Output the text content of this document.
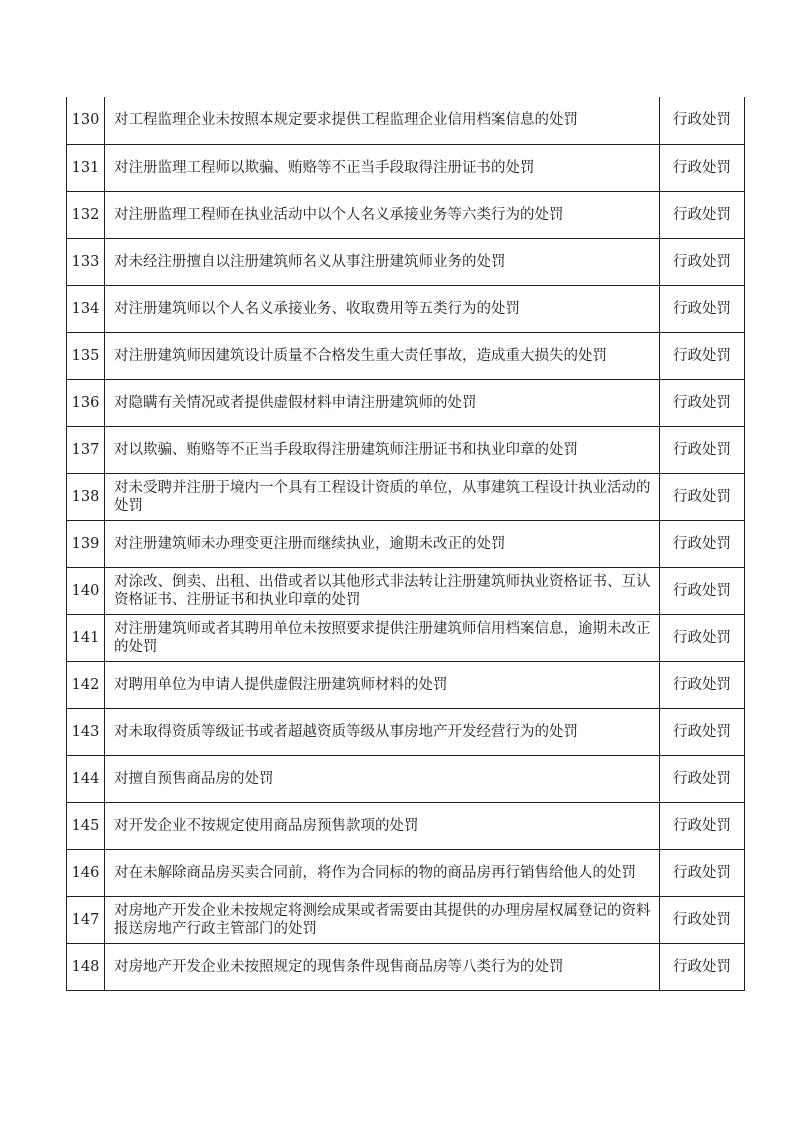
130	对工程监理企业未按照本规定要求提供工程监理企业信用档案信息的处罚	行政处罚
131	对注册监理工程师以欺骗、贿赂等不正当手段取得注册证书的处罚	行政处罚
132	对注册监理工程师在执业活动中以个人名义承接业务等六类行为的处罚	行政处罚
133	对未经注册擅自以注册建筑师名义从事注册建筑师业务的处罚	行政处罚
134	对注册建筑师以个人名义承接业务、收取费用等五类行为的处罚	行政处罚
135	对注册建筑师因建筑设计质量不合格发生重大责任事故，造成重大损失的处罚	行政处罚
136	对隐瞒有关情况或者提供虚假材料申请注册建筑师的处罚	行政处罚
137	对以欺骗、贿赂等不正当手段取得注册建筑师注册证书和执业印章的处罚	行政处罚
138	对未受聘并注册于境内一个具有工程设计资质的单位，从事建筑工程设计执业活动的处罚	行政处罚
139	对注册建筑师未办理变更注册而继续执业，逾期未改正的处罚	行政处罚
140	对涂改、倒卖、出租、出借或者以其他形式非法转让注册建筑师执业资格证书、互认资格证书、注册证书和执业印章的处罚	行政处罚
141	对注册建筑师或者其聘用单位未按照要求提供注册建筑师信用档案信息，逾期未改正的处罚	行政处罚
142	对聘用单位为申请人提供虚假注册建筑师材料的处罚	行政处罚
143	对未取得资质等级证书或者超越资质等级从事房地产开发经营行为的处罚	行政处罚
144	对擅自预售商品房的处罚	行政处罚
145	对开发企业不按规定使用商品房预售款项的处罚	行政处罚
146	对在未解除商品房买卖合同前，将作为合同标的物的商品房再行销售给他人的处罚	行政处罚
147	对房地产开发企业未按规定将测绘成果或者需要由其提供的办理房屋权属登记的资料报送房地产行政主管部门的处罚	行政处罚
148	对房地产开发企业未按照规定的现售条件现售商品房等八类行为的处罚	行政处罚
